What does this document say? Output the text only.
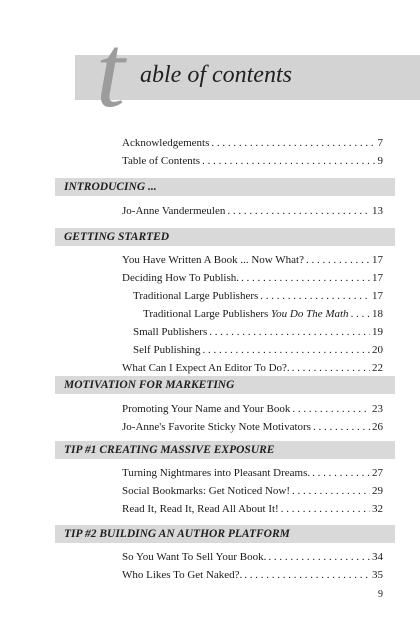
t able of contents
Acknowledgements . . .	7
Table of Contents . . .	9
INTRODUCING ...
Jo-Anne Vandermeulen . . .	13
GETTING STARTED
You Have Written A Book ... Now What? . . .	17
Deciding How To Publish. . . .	17
Traditional Large Publishers . . .	17
Traditional Large Publishers You Do The Math . . . 18
Small Publishers . . .	19
Self Publishing . . .	20
What Can I Expect An Editor To Do?. . . .	22
MOTIVATION FOR MARKETING
Promoting Your Name and Your Book . . .	23
Jo-Anne's Favorite Sticky Note Motivators . . .	26
TIP #1 CREATING MASSIVE EXPOSURE
Turning Nightmares into Pleasant Dreams. . . .	27
Social Bookmarks: Get Noticed Now! . . .	29
Read It, Read It, Read All About It! . . .	32
TIP #2 BUILDING AN AUTHOR PLATFORM
So You Want To Sell Your Book. . . .	34
Who Likes To Get Naked?. . . .	35
9
